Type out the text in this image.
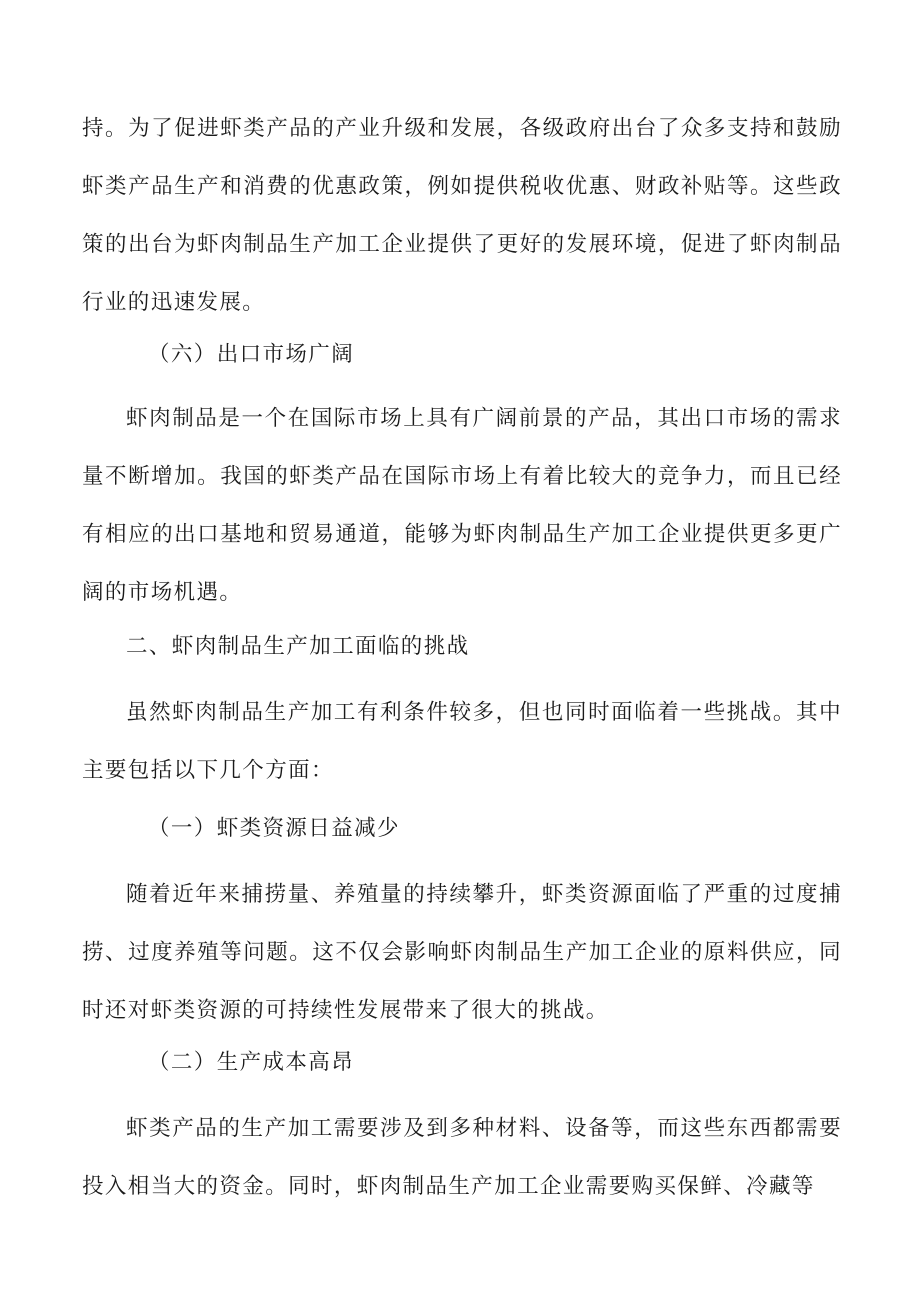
持。为了促进虾类产品的产业升级和发展，各级政府出台了众多支持和鼓励虾类产品生产和消费的优惠政策，例如提供税收优惠、财政补贴等。这些政策的出台为虾肉制品生产加工企业提供了更好的发展环境，促进了虾肉制品行业的迅速发展。

（六）出口市场广阔

虾肉制品是一个在国际市场上具有广阔前景的产品，其出口市场的需求量不断增加。我国的虾类产品在国际市场上有着比较大的竞争力，而且已经有相应的出口基地和贸易通道，能够为虾肉制品生产加工企业提供更多更广阔的市场机遇。

二、虾肉制品生产加工面临的挑战

虽然虾肉制品生产加工有利条件较多，但也同时面临着一些挑战。其中主要包括以下几个方面：

（一）虾类资源日益减少

随着近年来捕捞量、养殖量的持续攀升，虾类资源面临了严重的过度捕捞、过度养殖等问题。这不仅会影响虾肉制品生产加工企业的原料供应，同时还对虾类资源的可持续性发展带来了很大的挑战。

（二）生产成本高昂

虾类产品的生产加工需要涉及到多种材料、设备等，而这些东西都需要投入相当大的资金。同时，虾肉制品生产加工企业需要购买保鲜、冷藏等
